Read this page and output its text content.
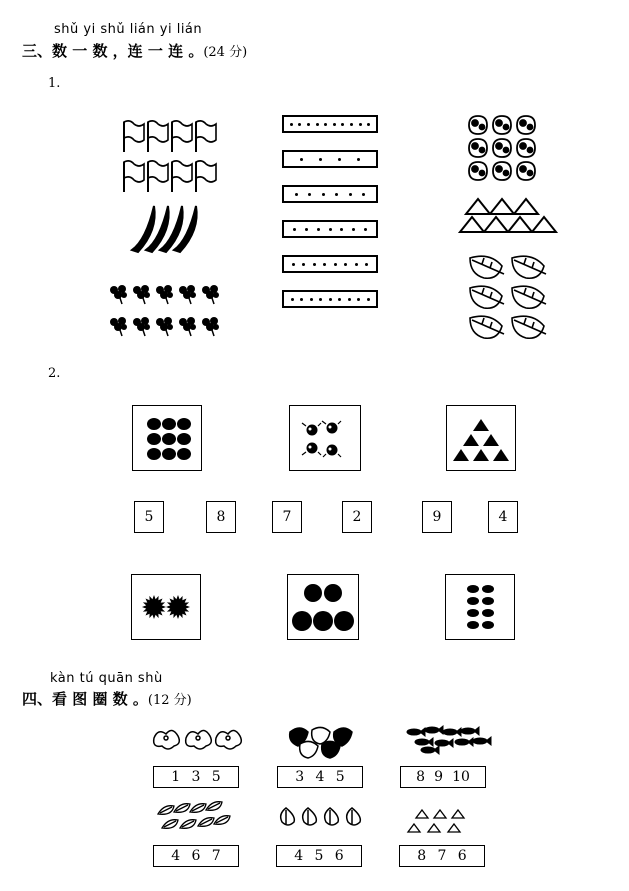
shǔ yi shǔ lián yi lián
三、数 一 数 ，连 一 连 。(24 分)
1.
2.
5	8	7	2	9	4
kàn tú quān shù
四、看 图 圈 数 。(12 分)
1 3 5	3 4 5	8 9 10
4 6 7	4 5 6	8 7 6
